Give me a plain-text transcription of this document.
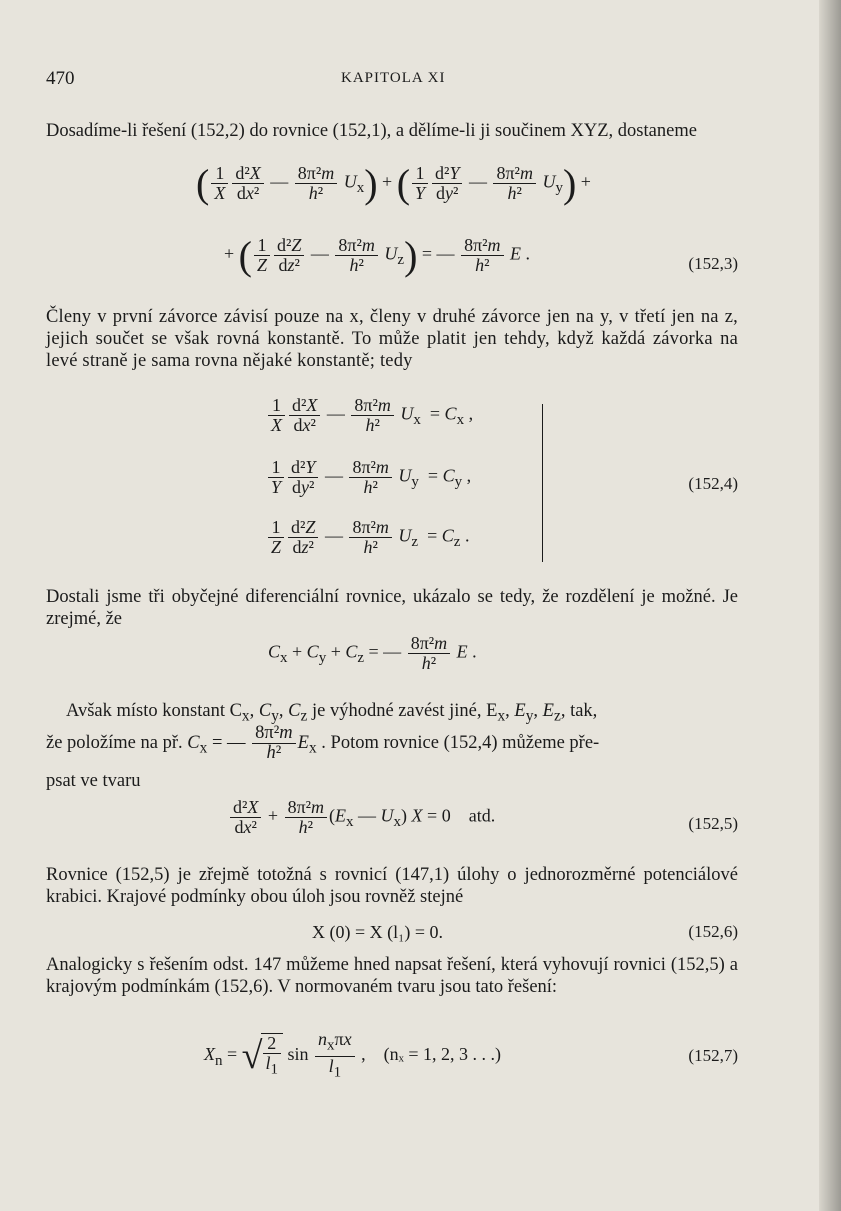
470	KAPITOLA XI

Dosadíme-li řešení (152,2) do rovnice (152,1), a dělíme-li ji součinem XYZ, dostaneme

( $\frac{1}{X} \frac{\text{d²X}}{\text{dx²}}$ — $\frac{\text{8π²m}}{\text{h²}} U_x$) + ( $\frac{1}{Y} \frac{\text{d²Y}}{\text{dy²}}$ — $\frac{\text{8π²m}}{\text{h²}} U_y$) +
+ ( $\frac{1}{Z} \frac{\text{d²Z}}{\text{dz²}}$ — $\frac{\text{8π²m}}{\text{h²}} U_z$) = — $\frac{\text{8π²m}}{\text{h²}}$ E .	(152,3)

Členy v první závorce závisí pouze na x, členy v druhé závorce jen na y, v třetí jen na z, jejich součet se však rovná konstantě. To může platit jen tehdy, když každá závorka na levé straně je sama rovna nějaké konstantě; tedy

$\frac{1}{X} \frac{\text{d²X}}{\text{dx²}}$ — $\frac{\text{8π²m}}{\text{h²}} U_x = C_x$ ,
$\frac{1}{Y} \frac{\text{d²Y}}{\text{dy²}}$ — $\frac{\text{8π²m}}{\text{h²}} U_y = C_y$ ,
$\frac{1}{Z} \frac{\text{d²Z}}{\text{dz²}}$ — $\frac{\text{8π²m}}{\text{h²}} U_z = C_z$ .
(152,4)

Dostali jsme tři obyčejné diferenciální rovnice, ukázalo se tedy, že rozdělení je možné. Je zrejmé, že

$C_x + C_y + C_z$ = — $\frac{\text{8π²m}}{\text{h²}}$ E .
Avšak místo konstant $C_x$, $C_y$, $C_z$ je výhodné zavést jiné, $E_x$, $E_y$, $E_z$, tak,
že položíme na př. $C_x$ = — $\frac{\text{8π²m}}{\text{h²}} E_x$ . Potom rovnice (152,4) můžeme pře-

psat ve tvaru

$\frac{\text{d²X}}{\text{dx²}} + \frac{\text{8π²m}}{\text{h²}} (E_x$ — $U_x$) X = 0    atd.	(152,5)

Rovnice (152,5) je zřejmě totožná s rovnicí (147,1) úlohy o jednorozměrné potenciálové krabici. Krajové podmínky obou úloh jsou rovněž stejné

X (0) = X (l₁) = 0.	(152,6)

Analogicky s řešením odst. 147 můžeme hned napsat řešení, která vyhovují rovnici (152,5) a krajovým podmínkám (152,6). V normovaném tvaru jsou tato řešení:

$X_n$ = √ $\frac{2}{l_1}$ sin
$n_x\pi x$
$l_1$
,    (nₓ = 1, 2, 3 . . .)	(152,7)
